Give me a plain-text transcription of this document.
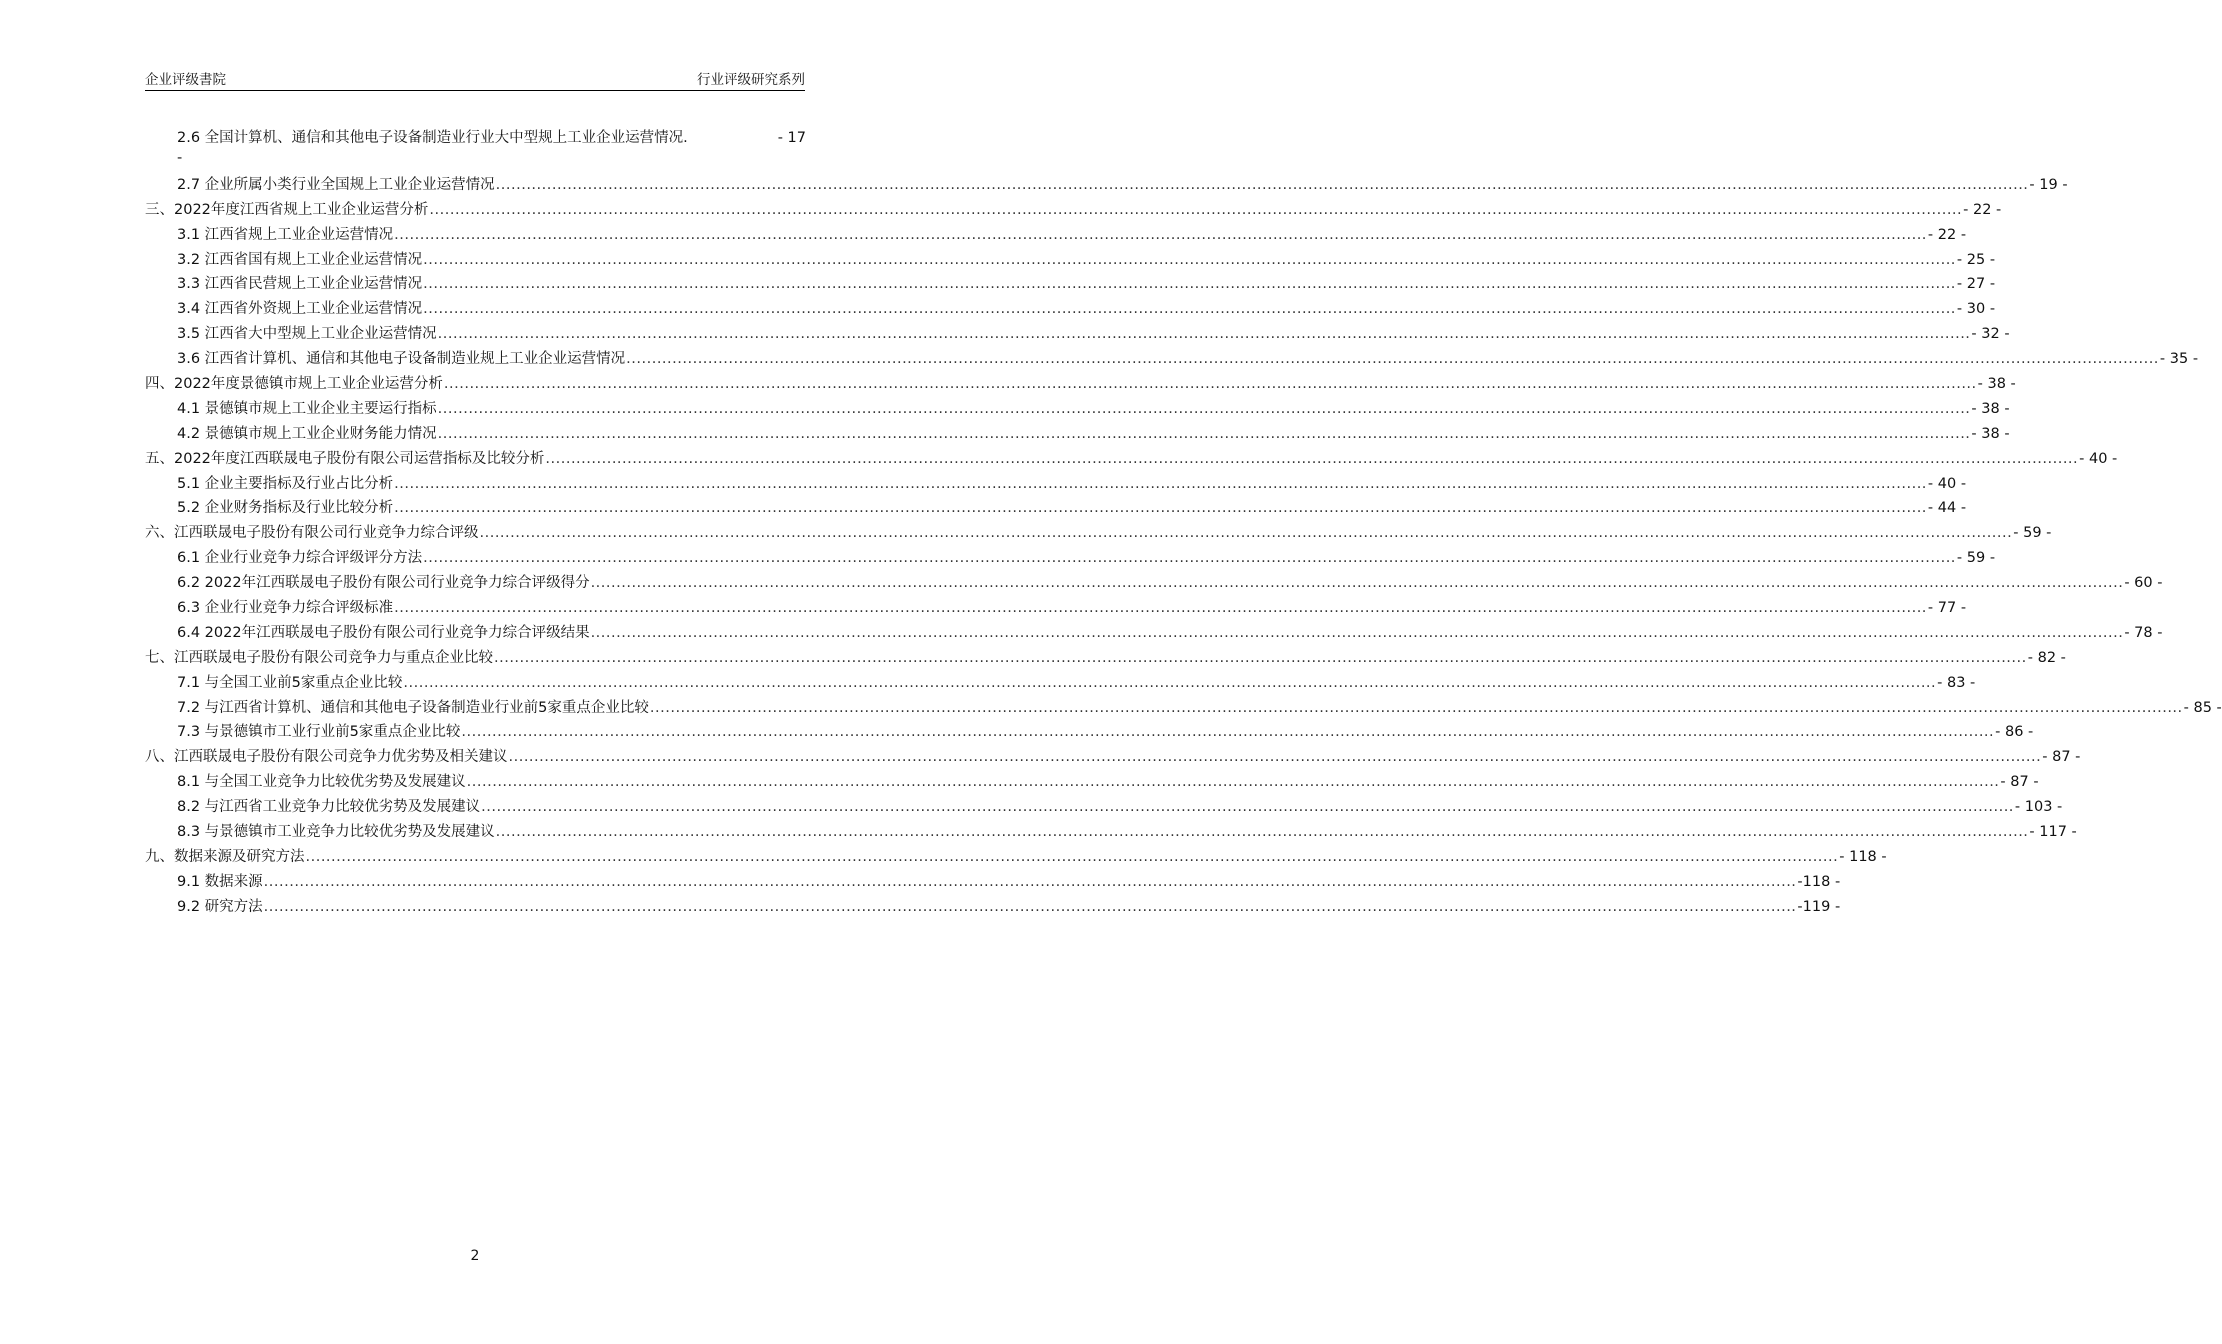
企业评级書院	行业评级研究系列
2.6 全国计算机、通信和其他电子设备制造业行业大中型规上工业企业运营情况.	- 17
-
2.7 企业所属小类行业全国规上工业企业运营情况 ............................................................................................................................................................................................................................................................................................................ - 19 -
三、2022年度江西省规上工业企业运营分析 ............................................................................................................................................................................................................................................................................................................ - 22 -
3.1 江西省规上工业企业运营情况 ............................................................................................................................................................................................................................................................................................................ - 22 -
3.2 江西省国有规上工业企业运营情况 ............................................................................................................................................................................................................................................................................................................ - 25 -
3.3 江西省民营规上工业企业运营情况 ............................................................................................................................................................................................................................................................................................................ - 27 -
3.4 江西省外资规上工业企业运营情况 ............................................................................................................................................................................................................................................................................................................ - 30 -
3.5 江西省大中型规上工业企业运营情况 ............................................................................................................................................................................................................................................................................................................ - 32 -
3.6 江西省计算机、通信和其他电子设备制造业规上工业企业运营情况 ............................................................................................................................................................................................................................................................................................................ - 35 -
四、2022年度景德镇市规上工业企业运营分析 ............................................................................................................................................................................................................................................................................................................ - 38 -
4.1 景德镇市规上工业企业主要运行指标 ............................................................................................................................................................................................................................................................................................................ - 38 -
4.2 景德镇市规上工业企业财务能力情况 ............................................................................................................................................................................................................................................................................................................ - 38 -
五、2022年度江西联晟电子股份有限公司运营指标及比较分析 ............................................................................................................................................................................................................................................................................................................ - 40 -
5.1 企业主要指标及行业占比分析 ............................................................................................................................................................................................................................................................................................................ - 40 -
5.2 企业财务指标及行业比较分析 ............................................................................................................................................................................................................................................................................................................ - 44 -
六、江西联晟电子股份有限公司行业竞争力综合评级 ............................................................................................................................................................................................................................................................................................................ - 59 -
6.1 企业行业竞争力综合评级评分方法 ............................................................................................................................................................................................................................................................................................................ - 59 -
6.2 2022年江西联晟电子股份有限公司行业竞争力综合评级得分 ............................................................................................................................................................................................................................................................................................................ - 60 -
6.3 企业行业竞争力综合评级标准 ............................................................................................................................................................................................................................................................................................................ - 77 -
6.4 2022年江西联晟电子股份有限公司行业竞争力综合评级结果 ............................................................................................................................................................................................................................................................................................................ - 78 -
七、江西联晟电子股份有限公司竞争力与重点企业比较 ............................................................................................................................................................................................................................................................................................................ - 82 -
7.1 与全国工业前5家重点企业比较 ............................................................................................................................................................................................................................................................................................................ - 83 -
7.2 与江西省计算机、通信和其他电子设备制造业行业前5家重点企业比较 ............................................................................................................................................................................................................................................................................................................ - 85 -
7.3 与景德镇市工业行业前5家重点企业比较 ............................................................................................................................................................................................................................................................................................................ - 86 -
八、江西联晟电子股份有限公司竞争力优劣势及相关建议 ............................................................................................................................................................................................................................................................................................................ - 87 -
8.1 与全国工业竞争力比较优劣势及发展建议 ............................................................................................................................................................................................................................................................................................................ - 87 -
8.2 与江西省工业竞争力比较优劣势及发展建议 ............................................................................................................................................................................................................................................................................................................ - 103 -
8.3 与景德镇市工业竞争力比较优劣势及发展建议 ............................................................................................................................................................................................................................................................................................................ - 117 -
九、数据来源及研究方法 ............................................................................................................................................................................................................................................................................................................ - 118 -
9.1 数据来源 ............................................................................................................................................................................................................................................................................................................ -118 -
9.2 研究方法 ............................................................................................................................................................................................................................................................................................................ -119 -
2
